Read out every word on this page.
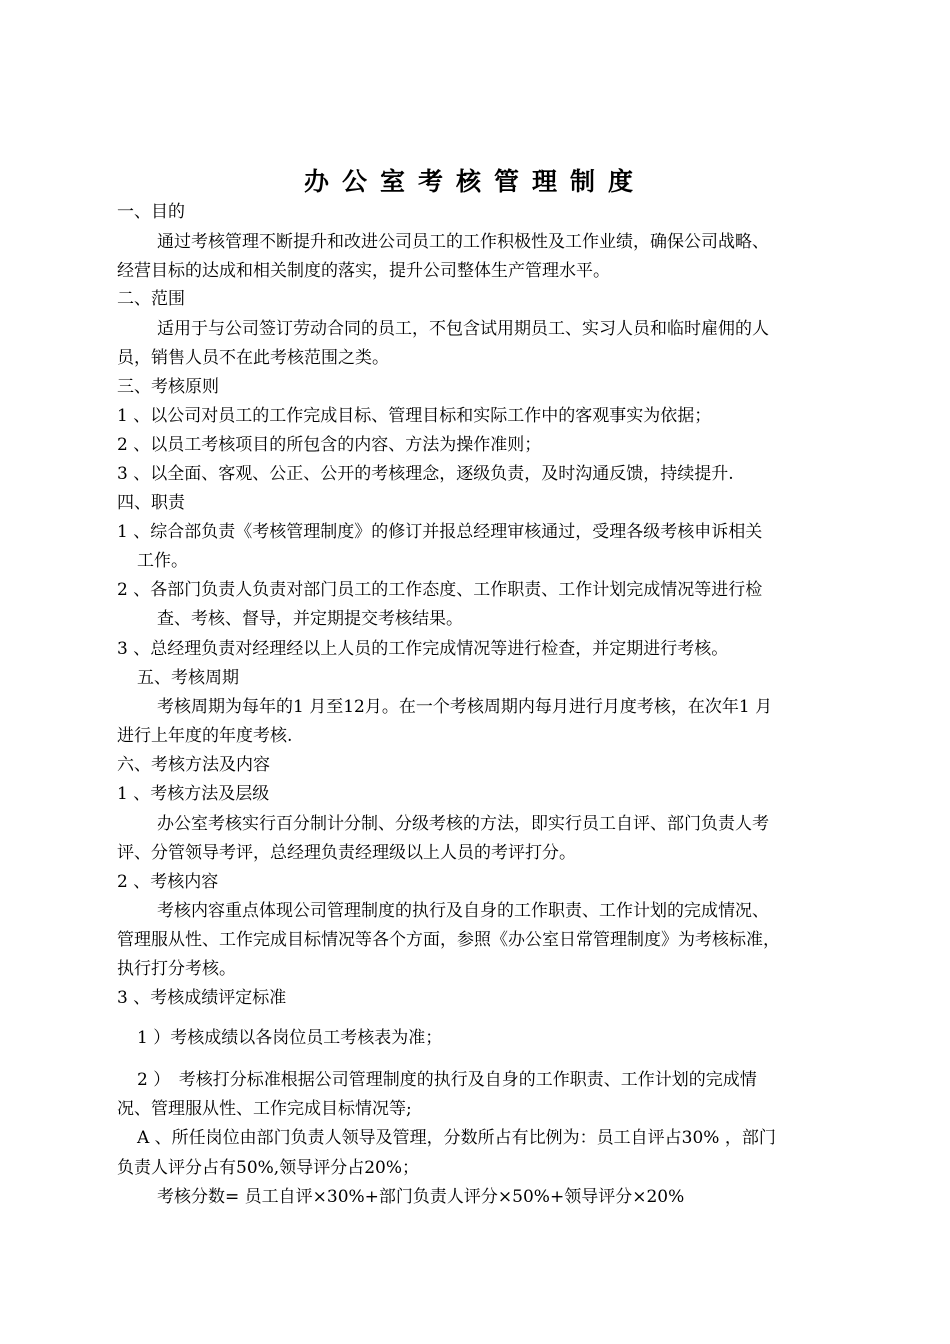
办公室考核管理制度
一、目的
通过考核管理不断提升和改进公司员工的工作积极性及工作业绩，确保公司战略、
经营目标的达成和相关制度的落实，提升公司整体生产管理水平。
二、范围
适用于与公司签订劳动合同的员工，不包含试用期员工、实习人员和临时雇佣的人
员，销售人员不在此考核范围之类。
三、考核原则
1 、以公司对员工的工作完成目标、管理目标和实际工作中的客观事实为依据；
2 、以员工考核项目的所包含的内容、方法为操作准则；
3 、以全面、客观、公正、公开的考核理念，逐级负责，及时沟通反馈，持续提升.
四、职责
1 、综合部负责《考核管理制度》的修订并报总经理审核通过，受理各级考核申诉相关
工作。
2 、各部门负责人负责对部门员工的工作态度、工作职责、工作计划完成情况等进行检
查、考核、督导，并定期提交考核结果。
3 、总经理负责对经理经以上人员的工作完成情况等进行检查，并定期进行考核。
五、考核周期
考核周期为每年的1 月至12月。在一个考核周期内每月进行月度考核，在次年1 月
进行上年度的年度考核.
六、考核方法及内容
1 、考核方法及层级
办公室考核实行百分制计分制、分级考核的方法，即实行员工自评、部门负责人考
评、分管领导考评，总经理负责经理级以上人员的考评打分。
2 、考核内容
考核内容重点体现公司管理制度的执行及自身的工作职责、工作计划的完成情况、
管理服从性、工作完成目标情况等各个方面，参照《办公室日常管理制度》为考核标准，
执行打分考核。
3 、考核成绩评定标准
1 ）考核成绩以各岗位员工考核表为准；
2 ）　考核打分标准根据公司管理制度的执行及自身的工作职责、工作计划的完成情
况、管理服从性、工作完成目标情况等;
A 、所任岗位由部门负责人领导及管理，分数所占有比例为：员工自评占30% ，部门
负责人评分占有50%,领导评分占20%；
考核分数= 员工自评×30%+部门负责人评分×50%+领导评分×20%
